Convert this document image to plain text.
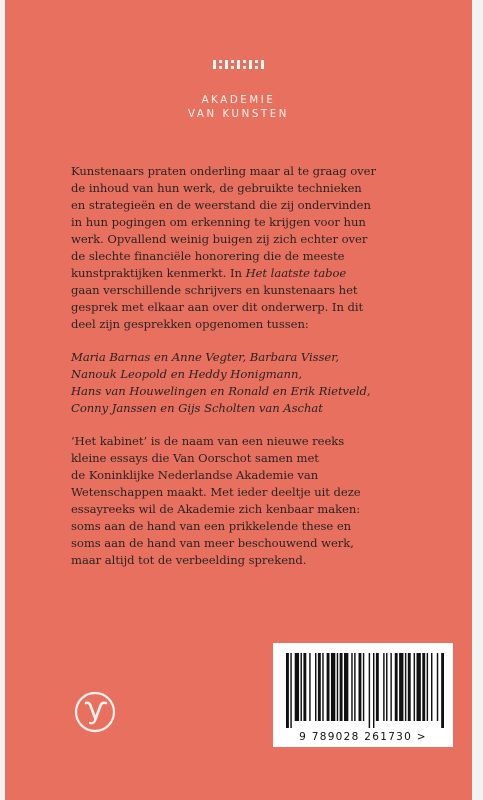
AKADEMIE
VAN KUNSTEN

Kunstenaars praten onderling maar al te graag over
de inhoud van hun werk, de gebruikte technieken
en strategieën en de weerstand die zij ondervinden
in hun pogingen om erkenning te krijgen voor hun
werk. Opvallend weinig buigen zij zich echter over
de slechte financiële honorering die de meeste
kunstpraktijken kenmerkt. In Het laatste taboe
gaan verschillende schrijvers en kunstenaars het
gesprek met elkaar aan over dit onderwerp. In dit
deel zijn gesprekken opgenomen tussen:

Maria Barnas en Anne Vegter, Barbara Visser,
Nanouk Leopold en Heddy Honigmann,
Hans van Houwelingen en Ronald en Erik Rietveld,
Conny Janssen en Gijs Scholten van Aschat

‘Het kabinet’ is de naam van een nieuwe reeks
kleine essays die Van Oorschot samen met
de Koninklijke Nederlandse Akademie van
Wetenschappen maakt. Met ieder deeltje uit deze
essayreeks wil de Akademie zich kenbaar maken:
soms aan de hand van een prikkelende these en
soms aan de hand van meer beschouwend werk,
maar altijd tot de verbeelding sprekend.

9 789028 261730 >
